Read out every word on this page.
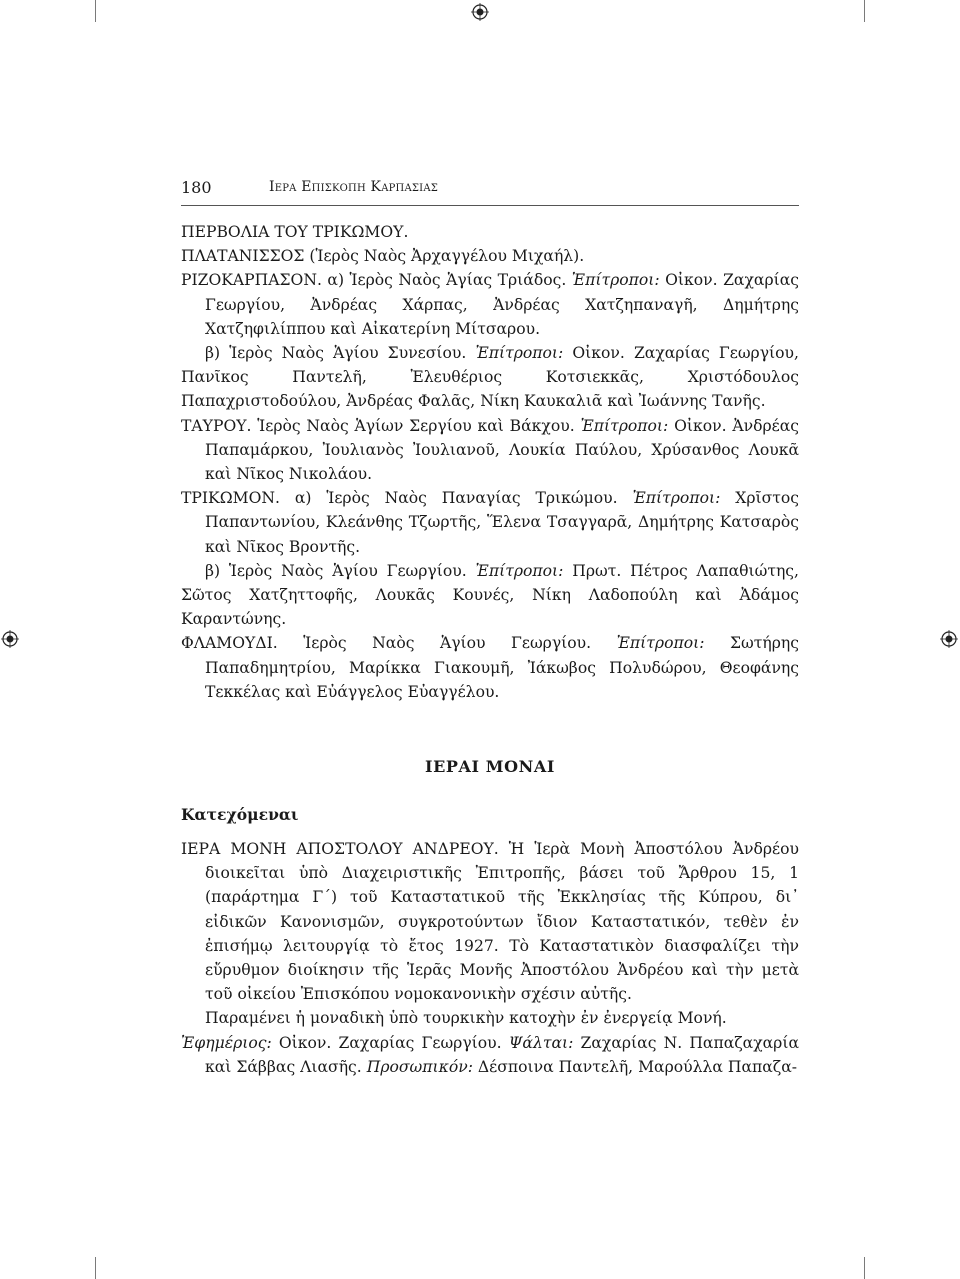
180	Ιερα Επισκοπη Καρπασιας

ΠΕΡΒΟΛΙΑ ΤΟΥ ΤΡΙΚΩΜΟΥ.

ΠΛΑΤΑΝΙΣΣΟΣ (Ἱερὸς Ναὸς Ἀρχαγγέλου Μιχαήλ).

ΡΙΖΟΚΑΡΠΑΣΟΝ. α) Ἱερὸς Ναὸς Ἁγίας Τριάδος. Ἐπίτροποι: Οἰκον. Ζαχαρίας Γεωργίου, Ἀνδρέας Χάρπας, Ἀνδρέας Χατζηπαναγῆ, Δημήτρης Χατζηφιλίππου καὶ Αἰκατερίνη Μίτσαρου.

β) Ἱερὸς Ναὸς Ἁγίου Συνεσίου. Ἐπίτροποι: Οἰκον. Ζαχαρίας Γεωργίου, Πανῖκος Παντελῆ, Ἐλευθέριος Κοτσιεκκᾶς, Χριστόδουλος Παπαχριστοδούλου, Ἀνδρέας Φαλᾶς, Νίκη Καυκαλιᾶ καὶ Ἰωάννης Τανῆς.

ΤΑΥΡΟΥ. Ἱερὸς Ναὸς Ἁγίων Σεργίου καὶ Βάκχου. Ἐπίτροποι: Οἰκον. Ἀνδρέας Παπαμάρκου, Ἰουλιανὸς Ἰουλιανοῦ, Λουκία Παύλου, Χρύσανθος Λουκᾶ καὶ Νῖκος Νικολάου.

ΤΡΙΚΩΜΟΝ. α) Ἱερὸς Ναὸς Παναγίας Τρικώμου. Ἐπίτροποι: Χρῖστος Παπαντωνίου, Κλεάνθης Τζωρτῆς, Ἕλενα Τσαγγαρᾶ, Δημήτρης Κατσαρὸς καὶ Νῖκος Βροντῆς.

β) Ἱερὸς Ναὸς Ἁγίου Γεωργίου. Ἐπίτροποι: Πρωτ. Πέτρος Λαπαθιώτης, Σῶτος Χατζηττοφῆς, Λουκᾶς Κουνές, Νίκη Λαδοπούλη καὶ Ἀδάμος Καραντώνης.

ΦΛΑΜΟΥΔΙ. Ἱερὸς Ναὸς Ἁγίου Γεωργίου. Ἐπίτροποι: Σωτήρης Παπαδημητρίου, Μαρίκκα Γιακουμῆ, Ἰάκωβος Πολυδώρου, Θεοφάνης Τεκκέλας καὶ Εὐάγγελος Εὐαγγέλου.

ΙΕΡΑΙ ΜΟΝΑΙ
Κατεχόμεναι

ΙΕΡΑ ΜΟΝΗ ΑΠΟΣΤΟΛΟΥ ΑΝΔΡΕΟΥ. Ἡ Ἱερὰ Μονὴ Ἀποστόλου Ἀνδρέου διοικεῖται ὑπὸ Διαχειριστικῆς Ἐπιτροπῆς, βάσει τοῦ Ἄρθρου 15, 1 (παράρτημα Γ΄) τοῦ Καταστατικοῦ τῆς Ἐκκλησίας τῆς Κύπρου, δι᾽ εἰδικῶν Κανονισμῶν, συγκροτούντων ἴδιον Καταστατικόν, τεθὲν ἐν ἐπισήμῳ λειτουργίᾳ τὸ ἔτος 1927. Τὸ Καταστατικὸν διασφαλίζει τὴν εὔρυθμον διοίκησιν τῆς Ἱερᾶς Μονῆς Ἀποστόλου Ἀνδρέου καὶ τὴν μετὰ τοῦ οἰκείου Ἐπισκόπου νομοκανονικὴν σχέσιν αὐτῆς.

Παραμένει ἡ μοναδικὴ ὑπὸ τουρκικὴν κατοχὴν ἐν ἐνεργείᾳ Μονή.

Ἐφημέριος: Οἰκον. Ζαχαρίας Γεωργίου. Ψάλται: Ζαχαρίας Ν. Παπαζαχαρία καὶ Σάββας Λιασῆς. Προσωπικόν: Δέσποινα Παντελῆ, Μαρούλλα Παπαζα-
